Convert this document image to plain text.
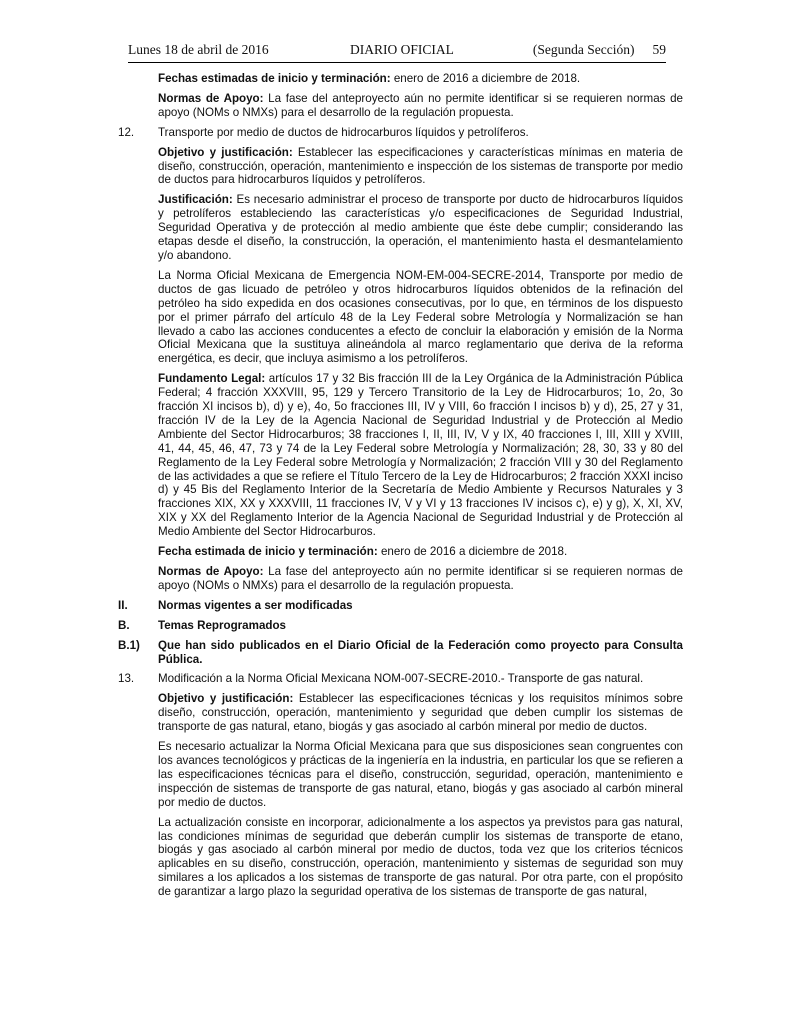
Lunes 18 de abril de 2016	DIARIO OFICIAL	(Segunda Sección) 59

Fechas estimadas de inicio y terminación: enero de 2016 a diciembre de 2018.

Normas de Apoyo: La fase del anteproyecto aún no permite identificar si se requieren normas de apoyo (NOMs o NMXs) para el desarrollo de la regulación propuesta.

12.	Transporte por medio de ductos de hidrocarburos líquidos y petrolíferos.

Objetivo y justificación: Establecer las especificaciones y características mínimas en materia de diseño, construcción, operación, mantenimiento e inspección de los sistemas de transporte por medio de ductos para hidrocarburos líquidos y petrolíferos.

Justificación: Es necesario administrar el proceso de transporte por ducto de hidrocarburos líquidos y petrolíferos estableciendo las características y/o especificaciones de Seguridad Industrial, Seguridad Operativa y de protección al medio ambiente que éste debe cumplir; considerando las etapas desde el diseño, la construcción, la operación, el mantenimiento hasta el desmantelamiento y/o abandono.

La Norma Oficial Mexicana de Emergencia NOM-EM-004-SECRE-2014, Transporte por medio de ductos de gas licuado de petróleo y otros hidrocarburos líquidos obtenidos de la refinación del petróleo ha sido expedida en dos ocasiones consecutivas, por lo que, en términos de los dispuesto por el primer párrafo del artículo 48 de la Ley Federal sobre Metrología y Normalización se han llevado a cabo las acciones conducentes a efecto de concluir la elaboración y emisión de la Norma Oficial Mexicana que la sustituya alineándola al marco reglamentario que deriva de la reforma energética, es decir, que incluya asimismo a los petrolíferos.

Fundamento Legal: artículos 17 y 32 Bis fracción III de la Ley Orgánica de la Administración Pública Federal; 4 fracción XXXVIII, 95, 129 y Tercero Transitorio de la Ley de Hidrocarburos; 1o, 2o, 3o fracción XI incisos b), d) y e), 4o, 5o fracciones III, IV y VIII, 6o fracción I incisos b) y d), 25, 27 y 31, fracción IV de la Ley de la Agencia Nacional de Seguridad Industrial y de Protección al Medio Ambiente del Sector Hidrocarburos; 38 fracciones I, II, III, IV, V y IX, 40 fracciones I, III, XIII y XVIII, 41, 44, 45, 46, 47, 73 y 74 de la Ley Federal sobre Metrología y Normalización; 28, 30, 33 y 80 del Reglamento de la Ley Federal sobre Metrología y Normalización; 2 fracción VIII y 30 del Reglamento de las actividades a que se refiere el Título Tercero de la Ley de Hidrocarburos; 2 fracción XXXI inciso d) y 45 Bis del Reglamento Interior de la Secretaría de Medio Ambiente y Recursos Naturales y 3 fracciones XIX, XX y XXXVIII, 11 fracciones IV, V y VI y 13 fracciones IV incisos c), e) y g), X, XI, XV, XIX y XX del Reglamento Interior de la Agencia Nacional de Seguridad Industrial y de Protección al Medio Ambiente del Sector Hidrocarburos.

Fecha estimada de inicio y terminación: enero de 2016 a diciembre de 2018.

Normas de Apoyo: La fase del anteproyecto aún no permite identificar si se requieren normas de apoyo (NOMs o NMXs) para el desarrollo de la regulación propuesta.

II.	Normas vigentes a ser modificadas
B.	Temas Reprogramados
B.1)	Que han sido publicados en el Diario Oficial de la Federación como proyecto para Consulta Pública.
13.	Modificación a la Norma Oficial Mexicana NOM-007-SECRE-2010.- Transporte de gas natural.

Objetivo y justificación: Establecer las especificaciones técnicas y los requisitos mínimos sobre diseño, construcción, operación, mantenimiento y seguridad que deben cumplir los sistemas de transporte de gas natural, etano, biogás y gas asociado al carbón mineral por medio de ductos.

Es necesario actualizar la Norma Oficial Mexicana para que sus disposiciones sean congruentes con los avances tecnológicos y prácticas de la ingeniería en la industria, en particular los que se refieren a las especificaciones técnicas para el diseño, construcción, seguridad, operación, mantenimiento e inspección de sistemas de transporte de gas natural, etano, biogás y gas asociado al carbón mineral por medio de ductos.

La actualización consiste en incorporar, adicionalmente a los aspectos ya previstos para gas natural, las condiciones mínimas de seguridad que deberán cumplir los sistemas de transporte de etano, biogás y gas asociado al carbón mineral por medio de ductos, toda vez que los criterios técnicos aplicables en su diseño, construcción, operación, mantenimiento y sistemas de seguridad son muy similares a los aplicados a los sistemas de transporte de gas natural. Por otra parte, con el propósito de garantizar a largo plazo la seguridad operativa de los sistemas de transporte de gas natural,
